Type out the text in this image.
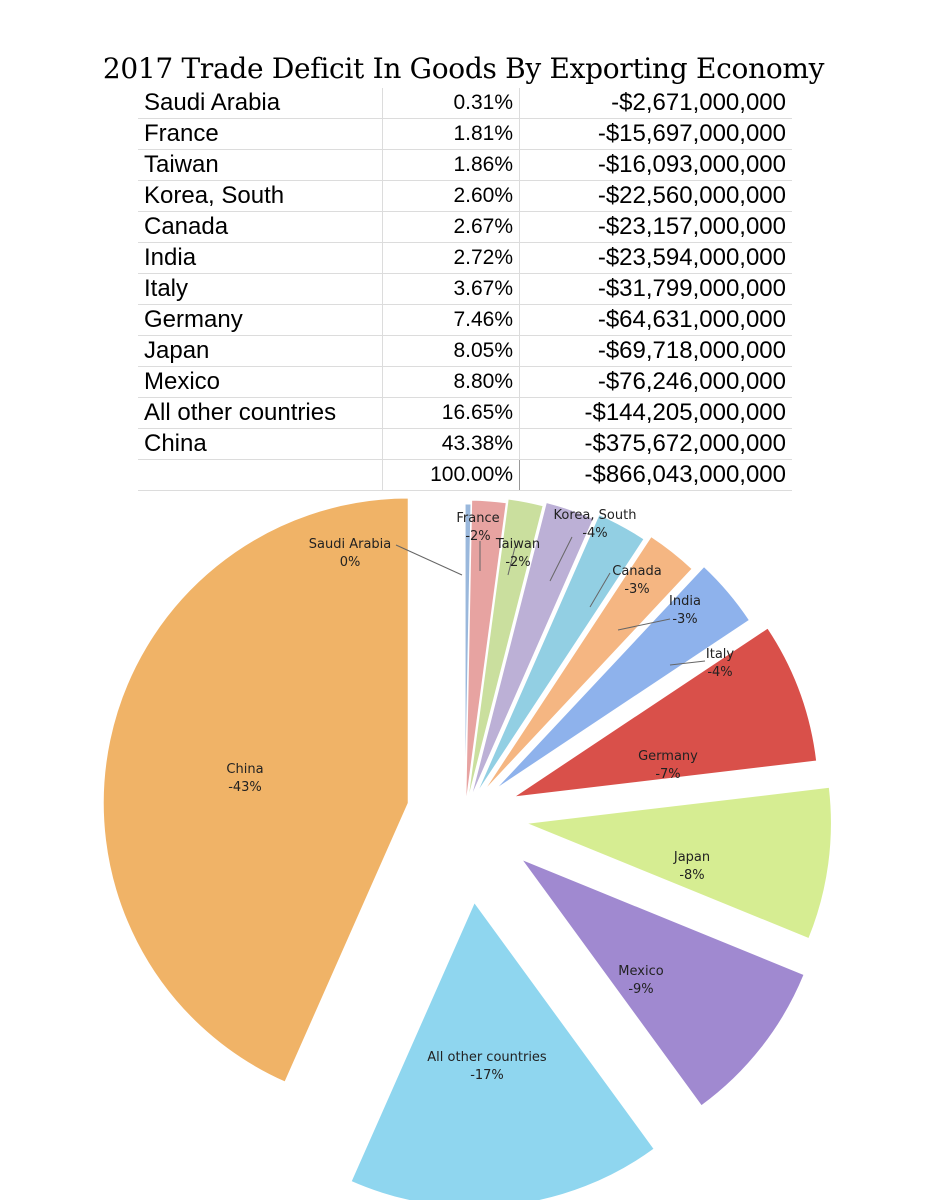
2017 Trade Deficit In Goods By Exporting Economy
Saudi Arabia	0.31%	-$2,671,000,000
France	1.81%	-$15,697,000,000
Taiwan	1.86%	-$16,093,000,000
Korea, South	2.60%	-$22,560,000,000
Canada	2.67%	-$23,157,000,000
India	2.72%	-$23,594,000,000
Italy	3.67%	-$31,799,000,000
Germany	7.46%	-$64,631,000,000
Japan	8.05%	-$69,718,000,000
Mexico	8.80%	-$76,246,000,000
All other countries	16.65%	-$144,205,000,000
China	43.38%	-$375,672,000,000
	100.00%	-$866,043,000,000
Saudi Arabia
0%
France
-2%
Taiwan
-2%
Korea, South
-4%
Canada
-3%
India
-3%
Italy
-4%
Germany
-7%
Japan
-8%
Mexico
-9%
All other countries
-17%
China
-43%
